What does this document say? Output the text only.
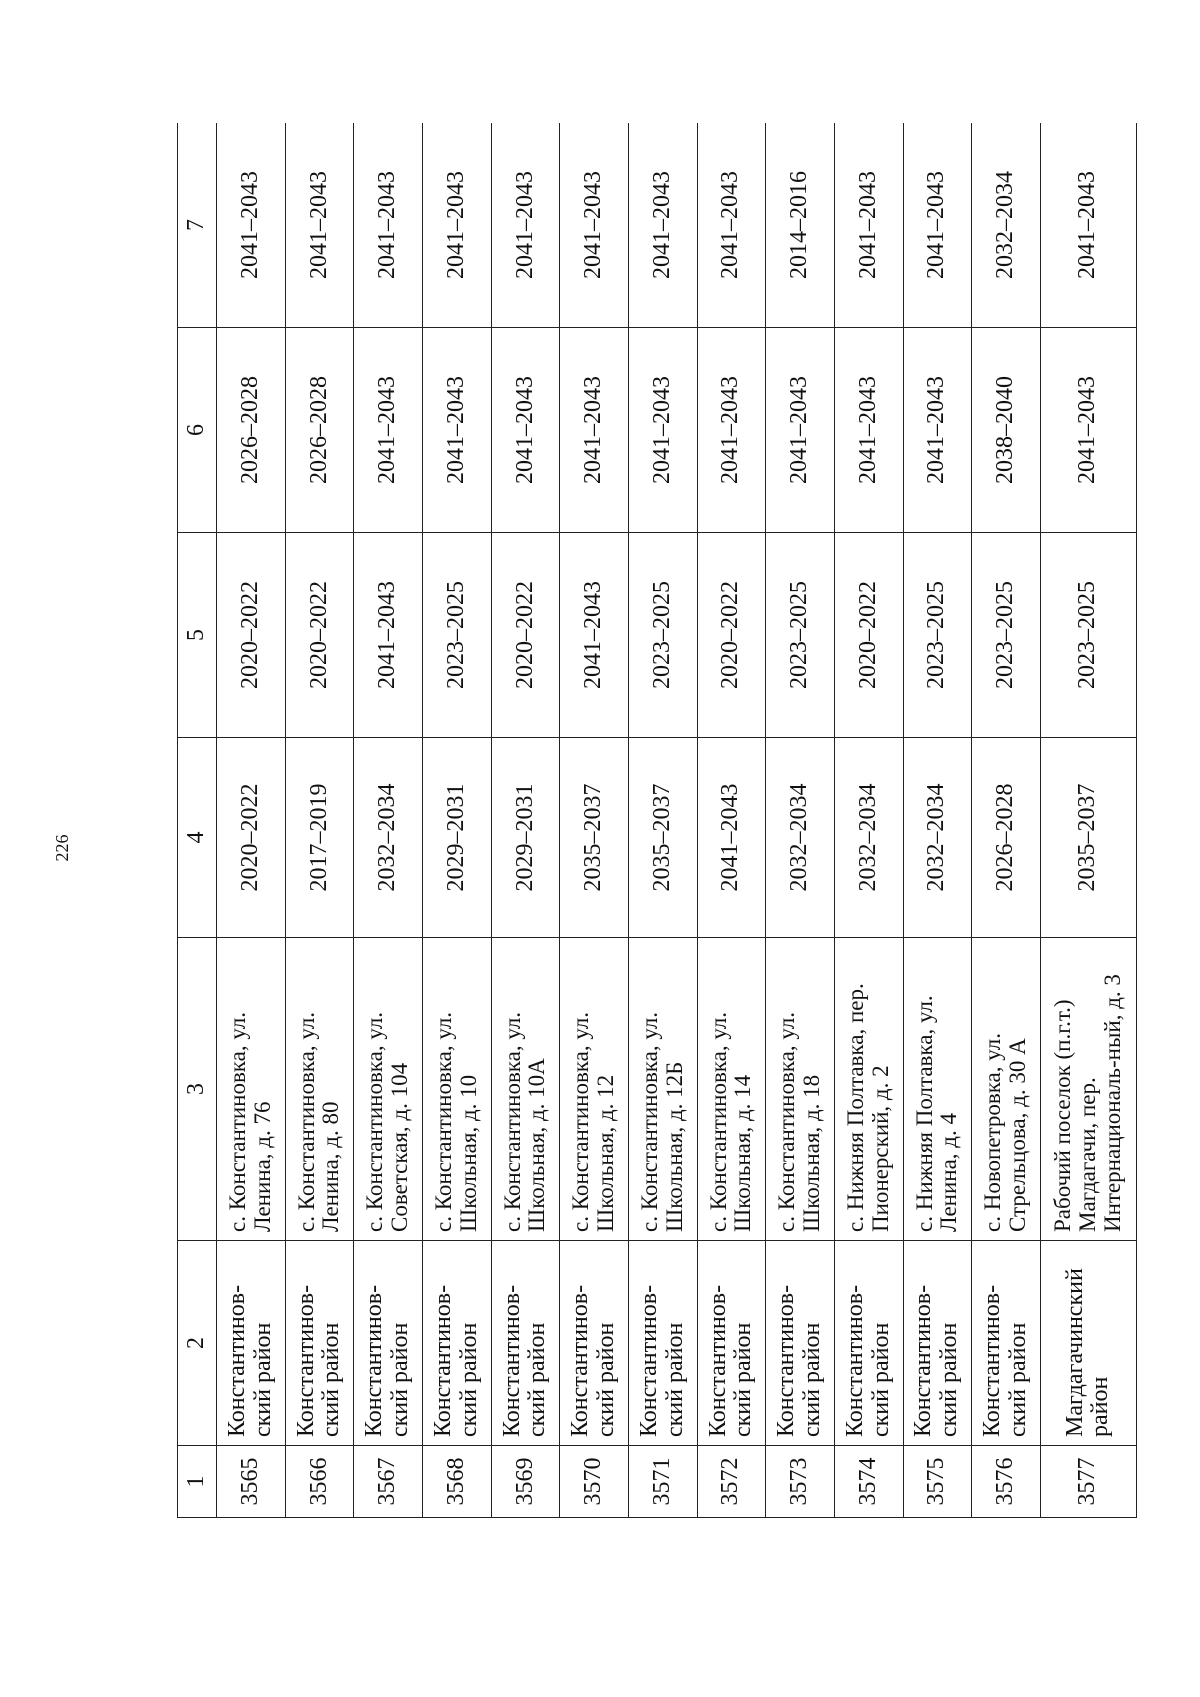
226
1	2	3	4	5	6	7
3565	Константинов-ский район	с. Константиновка, ул. Ленина, д. 76	2020–2022	2020–2022	2026–2028	2041–2043
3566	Константинов-ский район	с. Константиновка, ул. Ленина, д. 80	2017–2019	2020–2022	2026–2028	2041–2043
3567	Константинов-ский район	с. Константиновка, ул. Советская, д. 104	2032–2034	2041–2043	2041–2043	2041–2043
3568	Константинов-ский район	с. Константиновка, ул. Школьная, д. 10	2029–2031	2023–2025	2041–2043	2041–2043
3569	Константинов-ский район	с. Константиновка, ул. Школьная, д. 10А	2029–2031	2020–2022	2041–2043	2041–2043
3570	Константинов-ский район	с. Константиновка, ул. Школьная, д. 12	2035–2037	2041–2043	2041–2043	2041–2043
3571	Константинов-ский район	с. Константиновка, ул. Школьная, д. 12Б	2035–2037	2023–2025	2041–2043	2041–2043
3572	Константинов-ский район	с. Константиновка, ул. Школьная, д. 14	2041–2043	2020–2022	2041–2043	2041–2043
3573	Константинов-ский район	с. Константиновка, ул. Школьная, д. 18	2032–2034	2023–2025	2041–2043	2014–2016
3574	Константинов-ский район	с. Нижняя Полтавка, пер. Пионерский, д. 2	2032–2034	2020–2022	2041–2043	2041–2043
3575	Константинов-ский район	с. Нижняя Полтавка, ул. Ленина, д. 4	2032–2034	2023–2025	2041–2043	2041–2043
3576	Константинов-ский район	с. Новопетровка, ул. Стрельцова, д. 30 А	2026–2028	2023–2025	2038–2040	2032–2034
3577	Магдагачинский район	Рабочий поселок (п.г.т.) Магдагачи, пер. Интернациональ-ный, д. 3	2035–2037	2023–2025	2041–2043	2041–2043
